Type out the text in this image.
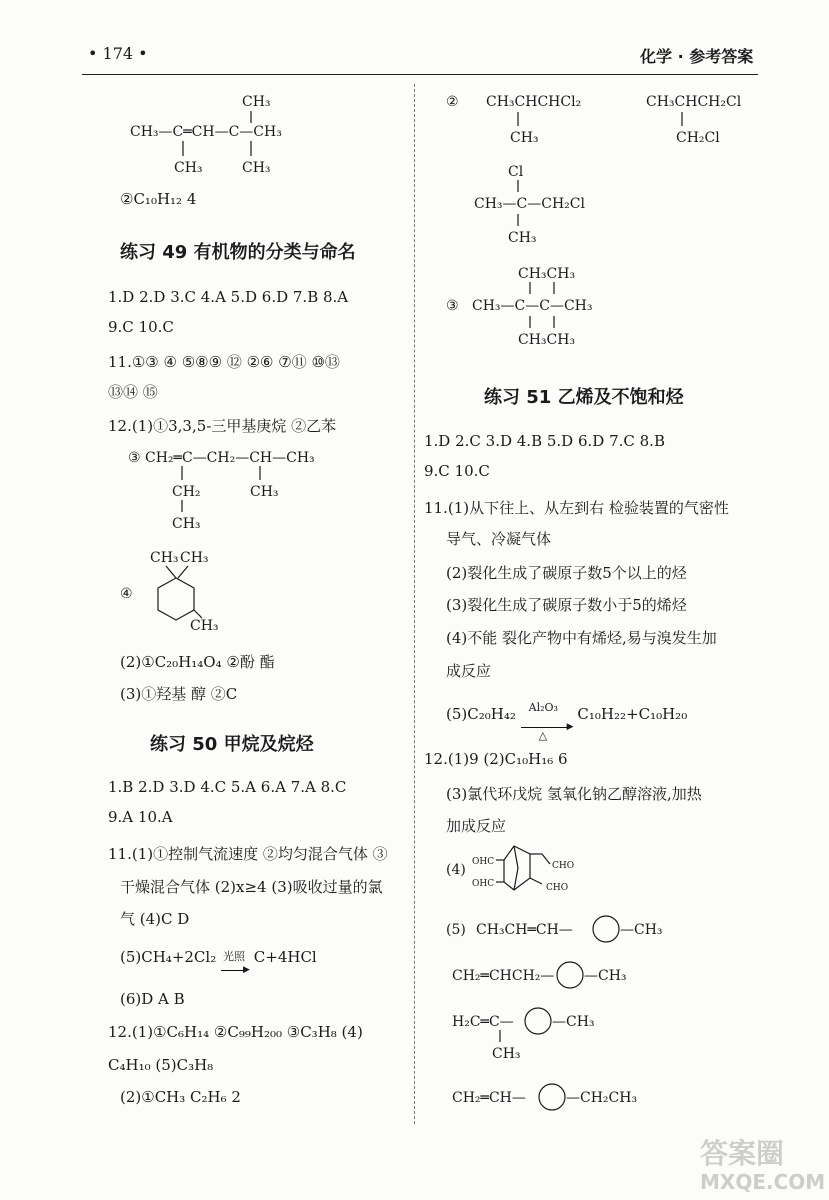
• 174 •	化学 · 参考答案
CH₃—C═CH—C—CH₃
CH₃
CH₃
CH₃
②C₁₀H₁₂ 4
练习 49 有机物的分类与命名
1.D 2.D 3.C 4.A 5.D 6.D 7.B 8.A
9.C 10.C
11.①③ ④ ⑤⑧⑨ ⑫ ②⑥ ⑦⑪ ⑩⑬
⑬⑭ ⑮
12.(1)①3,3,5-三甲基庚烷 ②乙苯
③ CH₂═C—CH₂—CH—CH₃
CH₂
CH₃
CH₃
④
CH₃ CH₃
CH₃
(2)①C₂₀H₁₄O₄ ②酚 酯
(3)①羟基 醇 ②C
练习 50 甲烷及烷烃
1.B 2.D 3.D 4.C 5.A 6.A 7.A 8.C
9.A 10.A
11.(1)①控制气流速度 ②均匀混合气体 ③
干燥混合气体 (2)x≥4 (3)吸收过量的氯
气 (4)C D
(5)CH₄+2Cl₂ 光照
▶
C+4HCl
(6)D A B
12.(1)①C₆H₁₄ ②C₉₉H₂₀₀ ③C₃H₈ (4)
C₄H₁₀ (5)C₃H₈
(2)①CH₃ C₂H₆ 2
② CH₃CHCHCl₂
CH₃
CH₃CHCH₂Cl
CH₂Cl
Cl
CH₃—C—CH₂Cl
CH₃
③
CH₃CH₃
CH₃—C—C—CH₃
CH₃CH₃
练习 51 乙烯及不饱和烃
1.D 2.C 3.D 4.B 5.D 6.D 7.C 8.B
9.C 10.C
11.(1)从下往上、从左到右 检验装置的气密性
导气、冷凝气体
(2)裂化生成了碳原子数5个以上的烃
(3)裂化生成了碳原子数小于5的烯烃
(4)不能 裂化产物中有烯烃,易与溴发生加
成反应
(5)C₂₀H₄₂ Al₂O₃
▶
△
C₁₀H₂₂+C₁₀H₂₀
12.(1)9 (2)C₁₀H₁₆ 6
(3)氯代环戊烷 氢氧化钠乙醇溶液,加热
加成反应
(4) OHC
OHC
CHO
CHO
(5) CH₃CH═CH—	—CH₃
CH₂═CHCH₂— —CH₃
H₂C═C—	—CH₃
CH₃
CH₂═CH—	—CH₂CH₃
答案圈
MXQE.COM
